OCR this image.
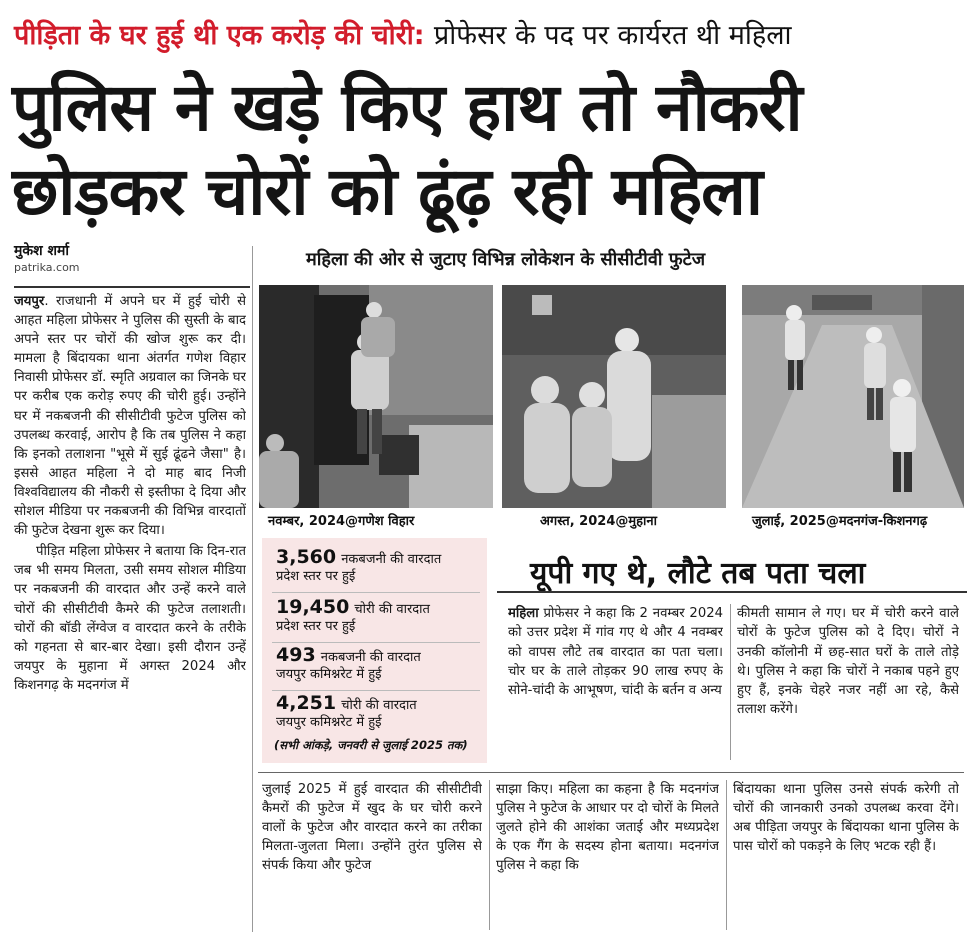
पीड़िता के घर हुई थी एक करोड़ की चोरी: प्रोफेसर के पद पर कार्यरत थी महिला
पुलिस ने खड़े किए हाथ तो नौकरी
छोड़कर चोरों को ढूंढ़ रही महिला
मुकेश शर्मा
patrika.com
जयपुर. राजधानी में अपने घर में हुई चोरी से आहत महिला प्रोफेसर ने पुलिस की सुस्ती के बाद अपने स्तर पर चोरों की खोज शुरू कर दी। मामला है बिंदायका थाना अंतर्गत गणेश विहार निवासी प्रोफेसर डॉ. स्मृति अग्रवाल का जिनके घर पर करीब एक करोड़ रुपए की चोरी हुई। उन्होंने घर में नकबजनी की सीसीटीवी फुटेज पुलिस को उपलब्ध करवाई, आरोप है कि तब पुलिस ने कहा कि इनको तलाशना "भूसे में सुई ढूंढने जैसा" है। इससे आहत महिला ने दो माह बाद निजी विश्वविद्यालय की नौकरी से इस्तीफा दे दिया और सोशल मीडिया पर नकबजनी की विभिन्न वारदातों की फुटेज देखना शुरू कर दिया।
पीड़ित महिला प्रोफेसर ने बताया कि दिन-रात जब भी समय मिलता, उसी समय सोशल मीडिया पर नकबजनी की वारदात और उन्हें करने वाले चोरों की सीसीटीवी कैमरे की फुटेज तलाशती। चोरों की बॉडी लेंग्वेज व वारदात करने के तरीके को गहनता से बार-बार देखा। इसी दौरान उन्हें जयपुर के मुहाना में अगस्त 2024 और किशनगढ़ के मदनगंज में
महिला की ओर से जुटाए विभिन्न लोकेशन के सीसीटीवी फुटेज
नवम्बर, 2024@गणेश विहार	अगस्त, 2024@मुहाना	जुलाई, 2025@मदनगंज-किशनगढ़
3,560 नकबजनी की वारदात
प्रदेश स्तर पर हुई
19,450 चोरी की वारदात
प्रदेश स्तर पर हुई
493 नकबजनी की वारदात
जयपुर कमिश्नरेट में हुई
4,251 चोरी की वारदात
जयपुर कमिश्नरेट में हुई
(सभी आंकड़े, जनवरी से जुलाई 2025 तक)
यूपी गए थे, लौटे तब पता चला
महिला प्रोफेसर ने कहा कि 2 नवम्बर 2024 को उत्तर प्रदेश में गांव गए थे और 4 नवम्बर को वापस लौटे तब वारदात का पता चला। चोर घर के ताले तोड़कर 90 लाख रुपए के सोने-चांदी के आभूषण, चांदी के बर्तन व अन्य
कीमती सामान ले गए। घर में चोरी करने वाले चोरों के फुटेज पुलिस को दे दिए। चोरों ने उनकी कॉलोनी में छह-सात घरों के ताले तोड़े थे। पुलिस ने कहा कि चोरों ने नकाब पहने हुए हुए हैं, इनके चेहरे नजर नहीं आ रहे, कैसे तलाश करेंगे।
जुलाई 2025 में हुई वारदात की सीसीटीवी कैमरों की फुटेज में खुद के घर चोरी करने वालों के फुटेज और वारदात करने का तरीका मिलता-जुलता मिला। उन्होंने तुरंत पुलिस से संपर्क किया और फुटेज
साझा किए। महिला का कहना है कि मदनगंज पुलिस ने फुटेज के आधार पर दो चोरों के मिलते जुलते होने की आशंका जताई और मध्यप्रदेश के एक गैंग के सदस्य होना बताया। मदनगंज पुलिस ने कहा कि
बिंदायका थाना पुलिस उनसे संपर्क करेगी तो चोरों की जानकारी उनको उपलब्ध करवा देंगे। अब पीड़िता जयपुर के बिंदायका थाना पुलिस के पास चोरों को पकड़ने के लिए भटक रही हैं।
